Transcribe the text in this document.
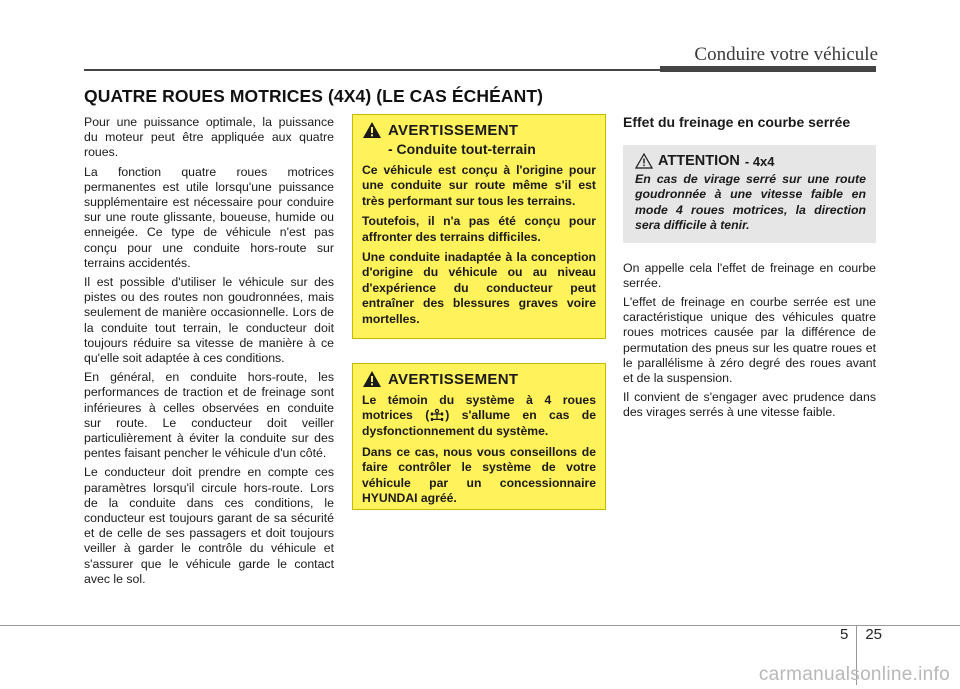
Conduire votre véhicule
QUATRE ROUES MOTRICES (4X4) (LE CAS ÉCHÉANT)

Pour une puissance optimale, la puissance du moteur peut être appliquée aux quatre roues.

La fonction quatre roues motrices permanentes est utile lorsqu'une puissance supplémentaire est nécessaire pour conduire sur une route glissante, boueuse, humide ou enneigée. Ce type de véhicule n'est pas conçu pour une conduite hors-route sur terrains accidentés.

Il est possible d'utiliser le véhicule sur des pistes ou des routes non goudronnées, mais seulement de manière occasionnelle. Lors de la conduite tout terrain, le conducteur doit toujours réduire sa vitesse de manière à ce qu'elle soit adaptée à ces conditions.

En général, en conduite hors-route, les performances de traction et de freinage sont inférieures à celles observées en conduite sur route. Le conducteur doit veiller particulièrement à éviter la conduite sur des pentes faisant pencher le véhicule d'un côté.

Le conducteur doit prendre en compte ces paramètres lorsqu'il circule hors-route. Lors de la conduite dans ces conditions, le conducteur est toujours garant de sa sécurité et de celle de ses passagers et doit toujours veiller à garder le contrôle du véhicule et s'assurer que le véhicule garde le contact avec le sol.

AVERTISSEMENT
- Conduite tout-terrain

Ce véhicule est conçu à l'origine pour une conduite sur route même s'il est très performant sur tous les terrains.

Toutefois, il n'a pas été conçu pour affronter des terrains difficiles.

Une conduite inadaptée à la conception d'origine du véhicule ou au niveau d'expérience du conducteur peut entraîner des blessures graves voire mortelles.

AVERTISSEMENT

Le témoin du système à 4 roues motrices ( ) s'allume en cas de dysfonctionnement du système.

Dans ce cas, nous vous conseillons de faire contrôler le système de votre véhicule par un concessionnaire HYUNDAI agréé.

Effet du freinage en courbe serrée
ATTENTION - 4x4

En cas de virage serré sur une route goudronnée à une vitesse faible en mode 4 roues motrices, la direction sera difficile à tenir.

On appelle cela l'effet de freinage en courbe serrée.

L'effet de freinage en courbe serrée est une caractéristique unique des véhicules quatre roues motrices causée par la différence de permutation des pneus sur les quatre roues et le parallélisme à zéro degré des roues avant et de la suspension.

Il convient de s'engager avec prudence dans des virages serrés à une vitesse faible.

5 25
carmanualsonline.info
